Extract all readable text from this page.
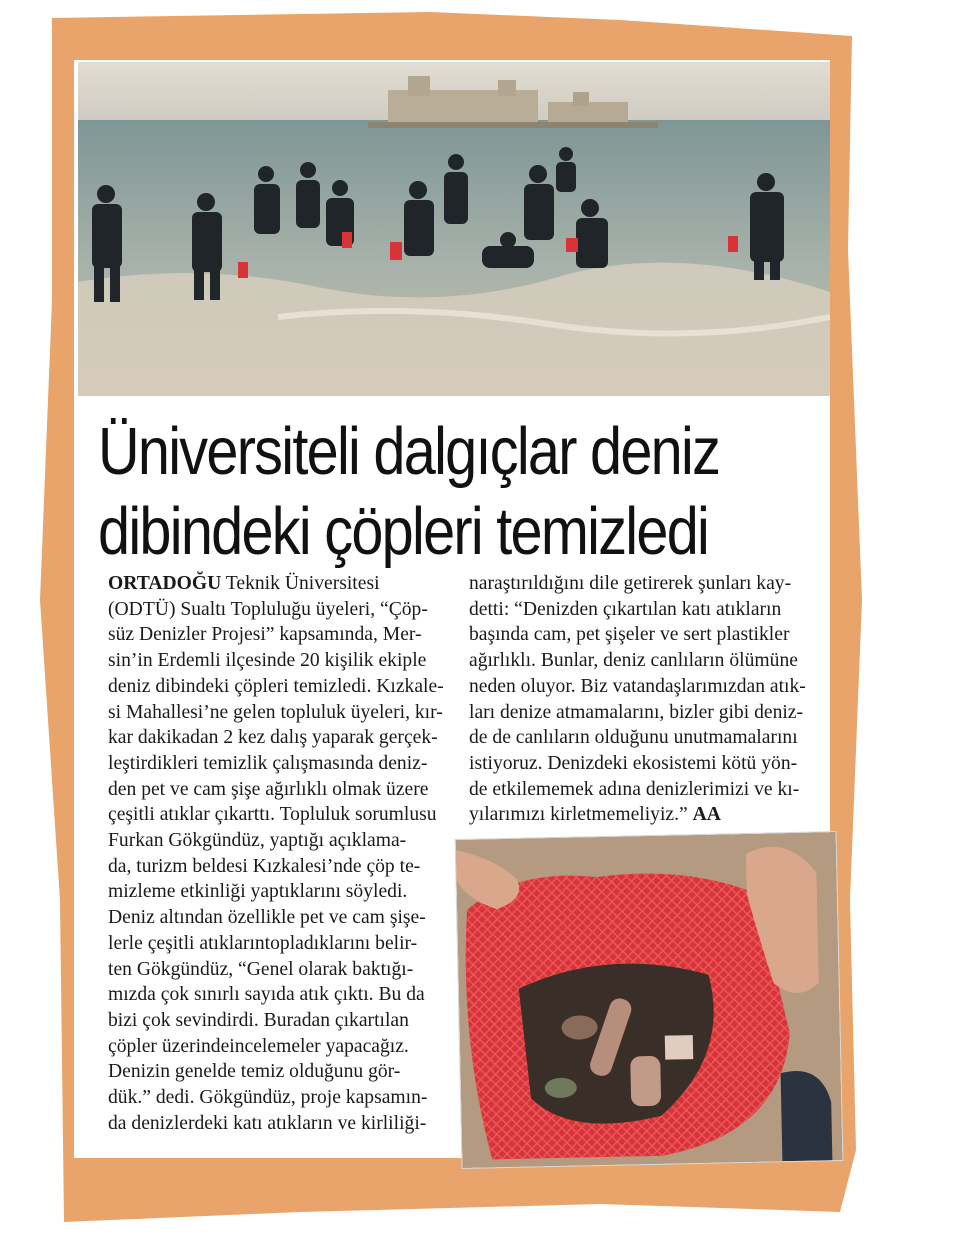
Üniversiteli dalgıçlar deniz
dibindeki çöpleri temizledi
ORTADOĞU Teknik Üniversitesi
(ODTÜ) Sualtı Topluluğu üyeleri, “Çöp-
süz Denizler Projesi” kapsamında, Mer-
sin’in Erdemli ilçesinde 20 kişilik ekiple
deniz dibindeki çöpleri temizledi. Kızkale-
si Mahallesi’ne gelen topluluk üyeleri, kır-
kar dakikadan 2 kez dalış yaparak gerçek-
leştirdikleri temizlik çalışmasında deniz-
den pet ve cam şişe ağırlıklı olmak üzere
çeşitli atıklar çıkarttı. Topluluk sorumlusu
Furkan Gökgündüz, yaptığı açıklama-
da, turizm beldesi Kızkalesi’nde çöp te-
mizleme etkinliği yaptıklarını söyledi.
Deniz altından özellikle pet ve cam şişe-
lerle çeşitli atıklarıntopladıklarını belir-
ten Gökgündüz, “Genel olarak baktığı-
mızda çok sınırlı sayıda atık çıktı. Bu da
bizi çok sevindirdi. Buradan çıkartılan
çöpler üzerindeincelemeler yapacağız.
Denizin genelde temiz olduğunu gör-
dük.” dedi. Gökgündüz, proje kapsamın-
da denizlerdeki katı atıkların ve kirliliği-
naraştırıldığını dile getirerek şunları kay-
detti: “Denizden çıkartılan katı atıkların
başında cam, pet şişeler ve sert plastikler
ağırlıklı. Bunlar, deniz canlıların ölümüne
neden oluyor. Biz vatandaşlarımızdan atık-
ları denize atmamalarını, bizler gibi deniz-
de de canlıların olduğunu unutmamalarını
istiyoruz. Denizdeki ekosistemi kötü yön-
de etkilememek adına denizlerimizi ve kı-
yılarımızı kirletmemeliyiz.” AA
